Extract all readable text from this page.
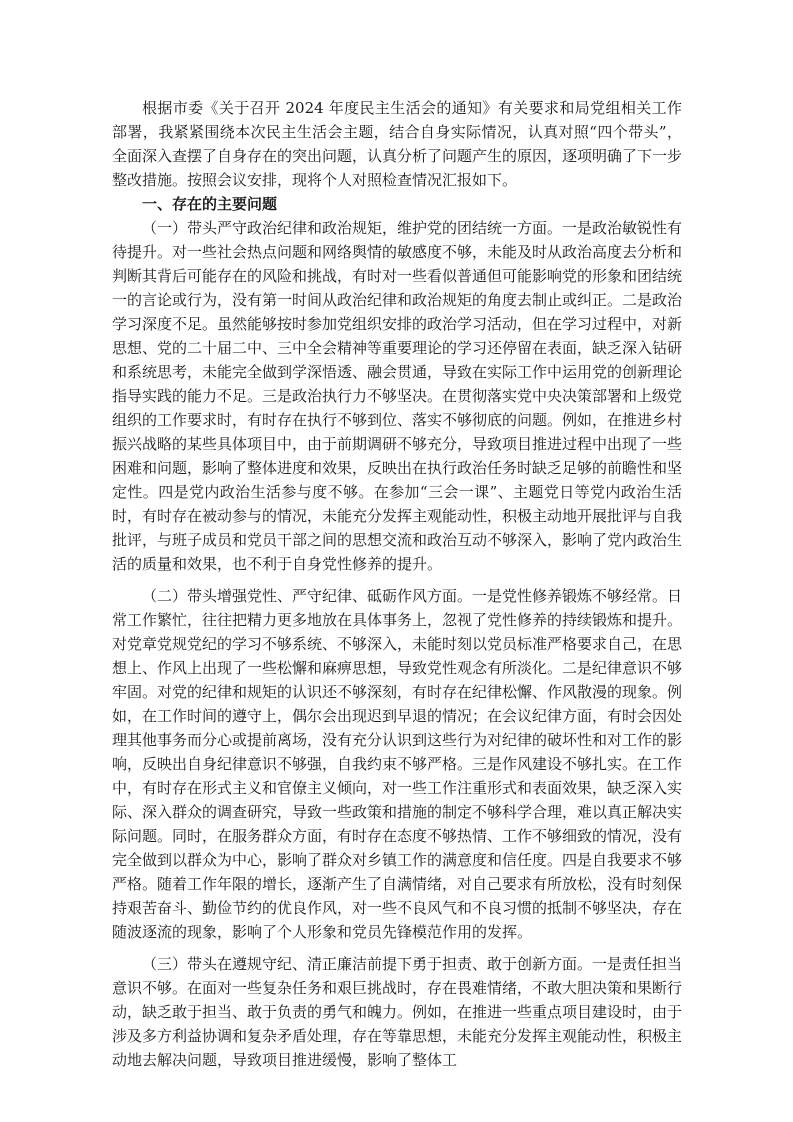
根据市委《关于召开 2024 年度民主生活会的通知》有关要求和局党组相关工作部署，我紧紧围绕本次民主生活会主题，结合自身实际情况，认真对照“四个带头”，全面深入查摆了自身存在的突出问题，认真分析了问题产生的原因，逐项明确了下一步整改措施。按照会议安排，现将个人对照检查情况汇报如下。

一、存在的主要问题

（一）带头严守政治纪律和政治规矩，维护党的团结统一方面。一是政治敏锐性有待提升。对一些社会热点问题和网络舆情的敏感度不够，未能及时从政治高度去分析和判断其背后可能存在的风险和挑战，有时对一些看似普通但可能影响党的形象和团结统一的言论或行为，没有第一时间从政治纪律和政治规矩的角度去制止或纠正。二是政治学习深度不足。虽然能够按时参加党组织安排的政治学习活动，但在学习过程中，对新思想、党的二十届二中、三中全会精神等重要理论的学习还停留在表面，缺乏深入钻研和系统思考，未能完全做到学深悟透、融会贯通，导致在实际工作中运用党的创新理论指导实践的能力不足。三是政治执行力不够坚决。在贯彻落实党中央决策部署和上级党组织的工作要求时，有时存在执行不够到位、落实不够彻底的问题。例如，在推进乡村振兴战略的某些具体项目中，由于前期调研不够充分，导致项目推进过程中出现了一些困难和问题，影响了整体进度和效果，反映出在执行政治任务时缺乏足够的前瞻性和坚定性。四是党内政治生活参与度不够。在参加“三会一课”、主题党日等党内政治生活时，有时存在被动参与的情况，未能充分发挥主观能动性，积极主动地开展批评与自我批评，与班子成员和党员干部之间的思想交流和政治互动不够深入，影响了党内政治生活的质量和效果，也不利于自身党性修养的提升。

（二）带头增强党性、严守纪律、砥砺作风方面。一是党性修养锻炼不够经常。日常工作繁忙，往往把精力更多地放在具体事务上，忽视了党性修养的持续锻炼和提升。对党章党规党纪的学习不够系统、不够深入，未能时刻以党员标准严格要求自己，在思想上、作风上出现了一些松懈和麻痹思想，导致党性观念有所淡化。二是纪律意识不够牢固。对党的纪律和规矩的认识还不够深刻，有时存在纪律松懈、作风散漫的现象。例如，在工作时间的遵守上，偶尔会出现迟到早退的情况；在会议纪律方面，有时会因处理其他事务而分心或提前离场，没有充分认识到这些行为对纪律的破坏性和对工作的影响，反映出自身纪律意识不够强，自我约束不够严格。三是作风建设不够扎实。在工作中，有时存在形式主义和官僚主义倾向，对一些工作注重形式和表面效果，缺乏深入实际、深入群众的调查研究，导致一些政策和措施的制定不够科学合理，难以真正解决实际问题。同时，在服务群众方面，有时存在态度不够热情、工作不够细致的情况，没有完全做到以群众为中心，影响了群众对乡镇工作的满意度和信任度。四是自我要求不够严格。随着工作年限的增长，逐渐产生了自满情绪，对自己要求有所放松，没有时刻保持艰苦奋斗、勤俭节约的优良作风，对一些不良风气和不良习惯的抵制不够坚决，存在随波逐流的现象，影响了个人形象和党员先锋模范作用的发挥。

（三）带头在遵规守纪、清正廉洁前提下勇于担责、敢于创新方面。一是责任担当意识不够。在面对一些复杂任务和艰巨挑战时，存在畏难情绪，不敢大胆决策和果断行动，缺乏敢于担当、敢于负责的勇气和魄力。例如，在推进一些重点项目建设时，由于涉及多方利益协调和复杂矛盾处理，存在等靠思想，未能充分发挥主观能动性，积极主动地去解决问题，导致项目推进缓慢，影响了整体工
